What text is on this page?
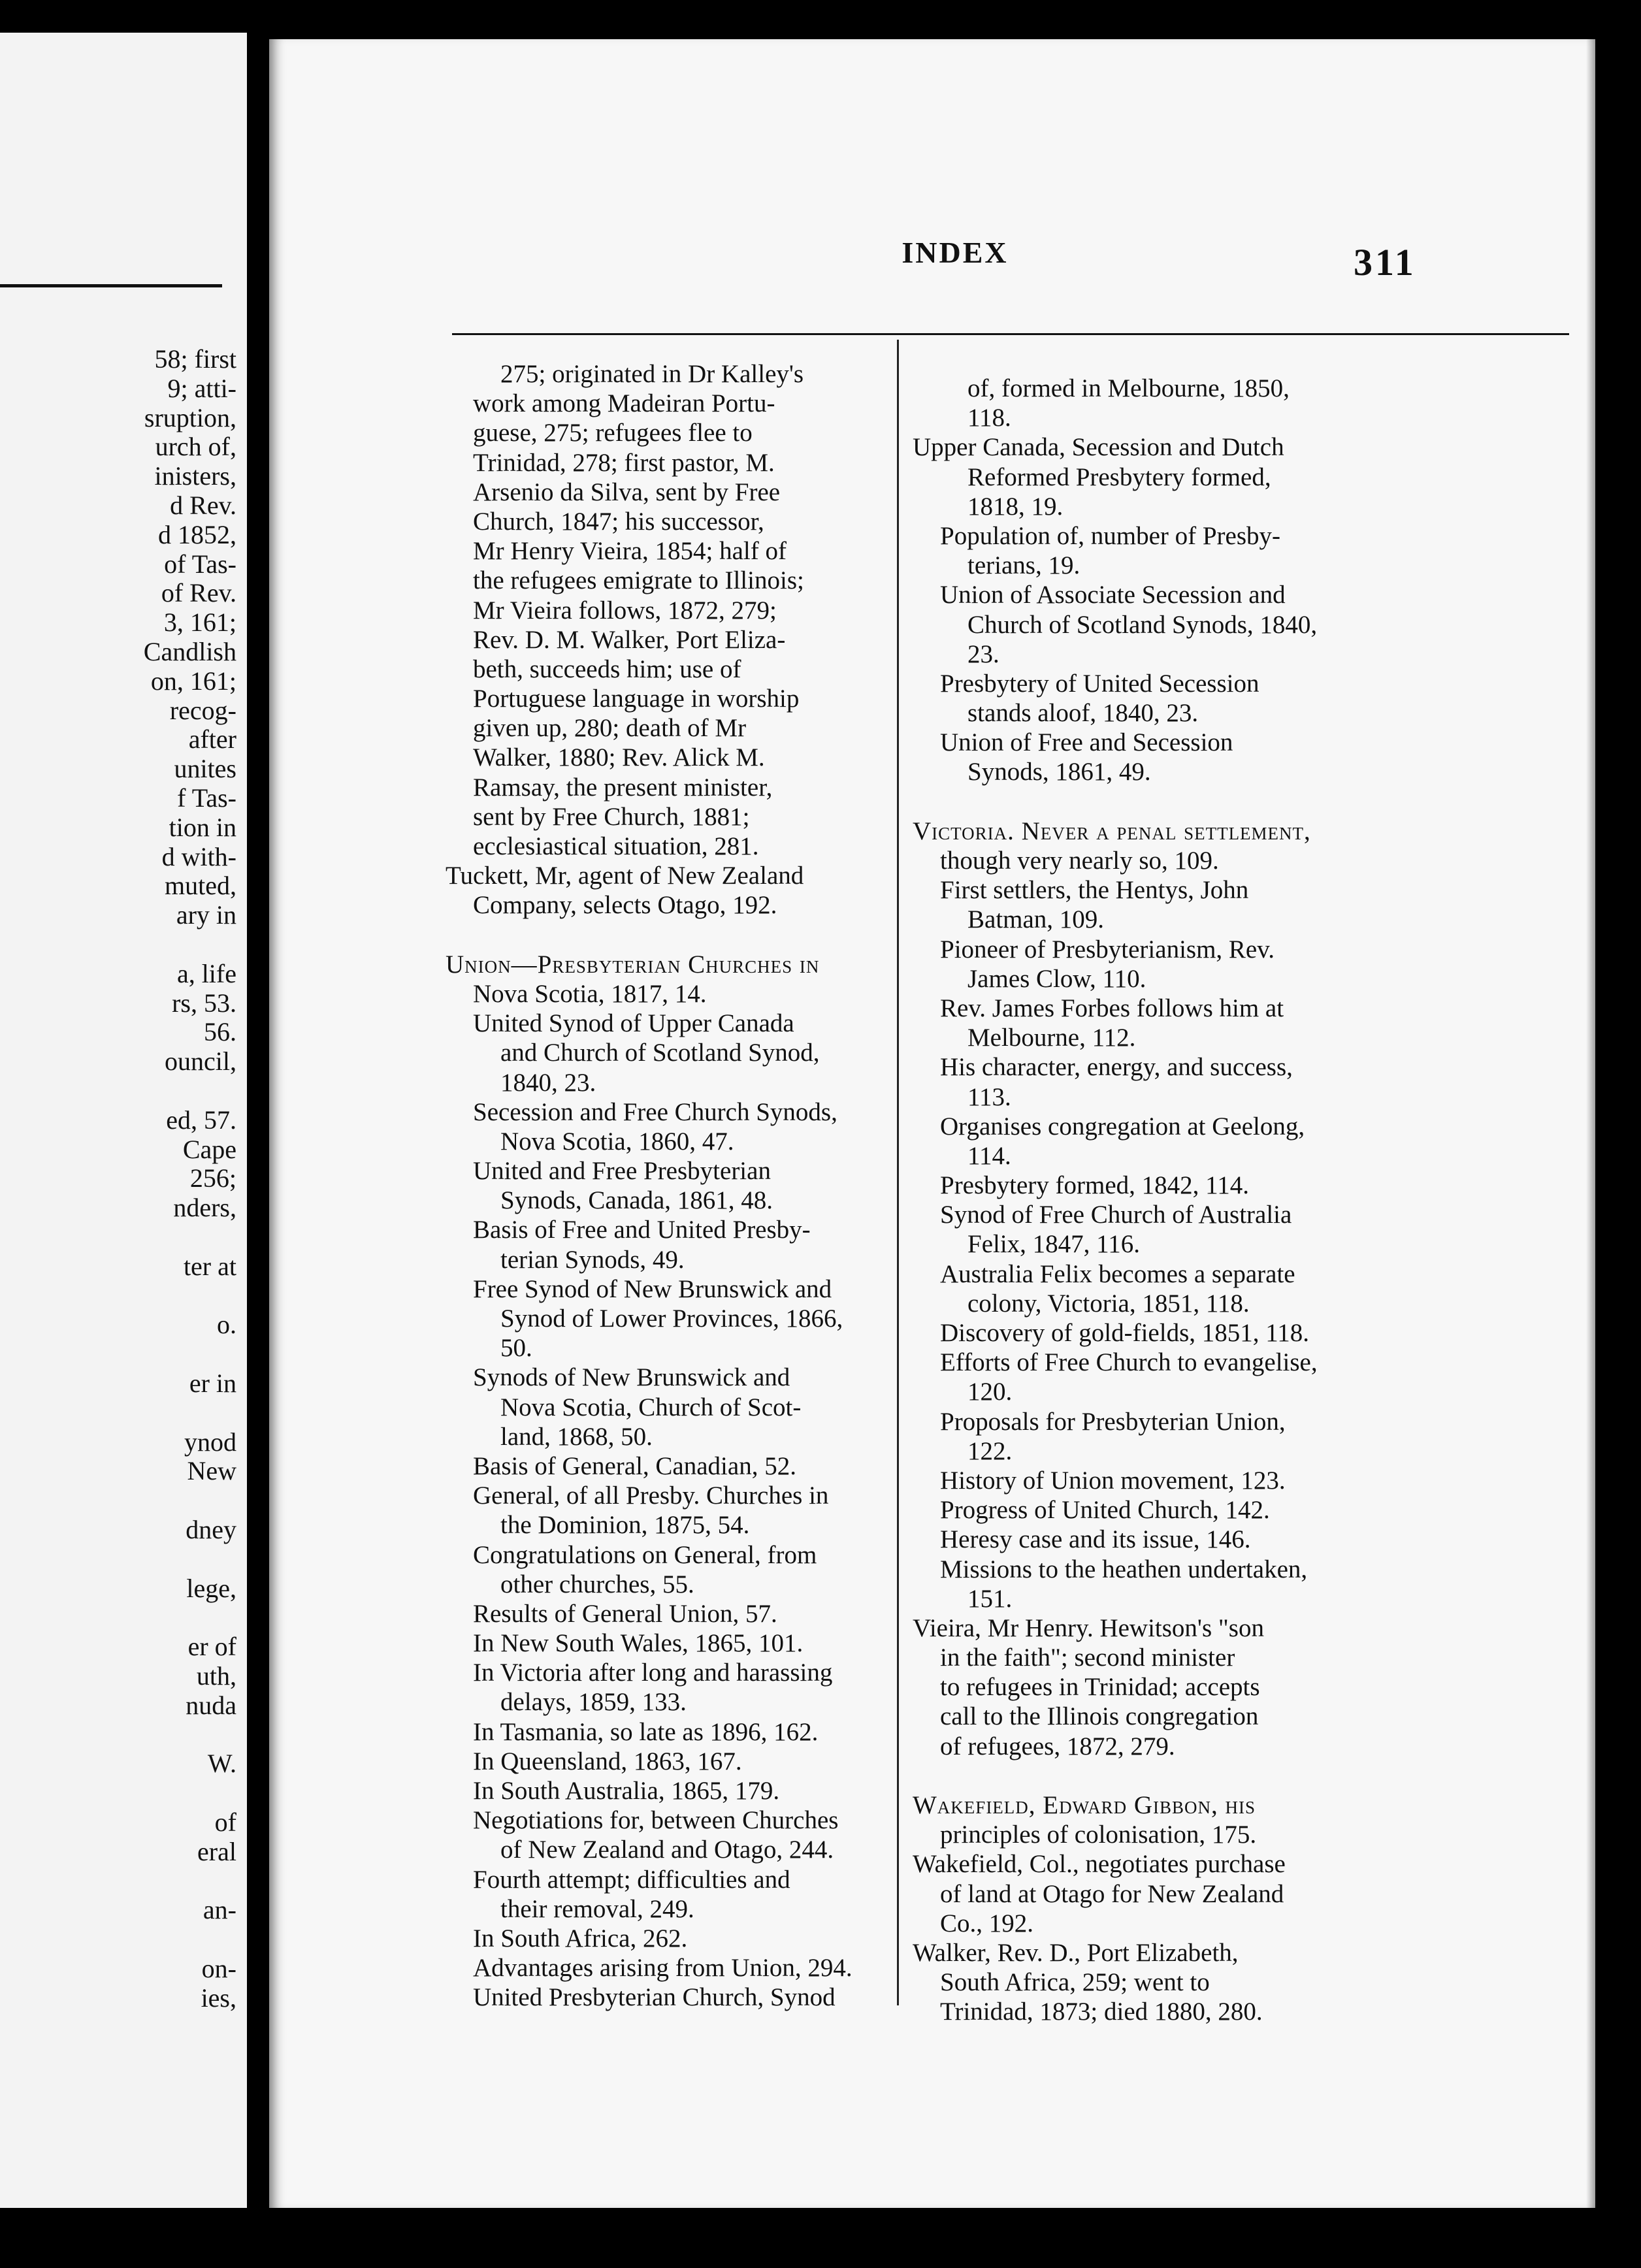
58; first
9; atti-
sruption,
urch of,
inisters,
d Rev.
d 1852,
of Tas-
of Rev.
3, 161;
Candlish
on, 161;
recog-
after
unites
f Tas-
tion in
d with-
muted,
ary in
a, life
rs, 53.
56.
ouncil,
ed, 57.
Cape
256;
nders,
ter at
o.
er in
ynod
New
dney
lege,
er of
uth,
nuda
W.
of
eral
an-
on-
ies,
INDEX	311
275; originated in Dr Kalley's
work among Madeiran Portu-
guese, 275; refugees flee to
Trinidad, 278; first pastor, M.
Arsenio da Silva, sent by Free
Church, 1847; his successor,
Mr Henry Vieira, 1854; half of
the refugees emigrate to Illinois;
Mr Vieira follows, 1872, 279;
Rev. D. M. Walker, Port Eliza-
beth, succeeds him; use of
Portuguese language in worship
given up, 280; death of Mr
Walker, 1880; Rev. Alick M.
Ramsay, the present minister,
sent by Free Church, 1881;
ecclesiastical situation, 281.
Tuckett, Mr, agent of New Zealand
Company, selects Otago, 192.
Union—Presbyterian Churches in
Nova Scotia, 1817, 14.
United Synod of Upper Canada
and Church of Scotland Synod,
1840, 23.
Secession and Free Church Synods,
Nova Scotia, 1860, 47.
United and Free Presbyterian
Synods, Canada, 1861, 48.
Basis of Free and United Presby-
terian Synods, 49.
Free Synod of New Brunswick and
Synod of Lower Provinces, 1866,
50.
Synods of New Brunswick and
Nova Scotia, Church of Scot-
land, 1868, 50.
Basis of General, Canadian, 52.
General, of all Presby. Churches in
the Dominion, 1875, 54.
Congratulations on General, from
other churches, 55.
Results of General Union, 57.
In New South Wales, 1865, 101.
In Victoria after long and harassing
delays, 1859, 133.
In Tasmania, so late as 1896, 162.
In Queensland, 1863, 167.
In South Australia, 1865, 179.
Negotiations for, between Churches
of New Zealand and Otago, 244.
Fourth attempt; difficulties and
their removal, 249.
In South Africa, 262.
Advantages arising from Union, 294.
United Presbyterian Church, Synod
of, formed in Melbourne, 1850,
118.
Upper Canada, Secession and Dutch
Reformed Presbytery formed,
1818, 19.
Population of, number of Presby-
terians, 19.
Union of Associate Secession and
Church of Scotland Synods, 1840,
23.
Presbytery of United Secession
stands aloof, 1840, 23.
Union of Free and Secession
Synods, 1861, 49.
Victoria. Never a penal settlement,
though very nearly so, 109.
First settlers, the Hentys, John
Batman, 109.
Pioneer of Presbyterianism, Rev.
James Clow, 110.
Rev. James Forbes follows him at
Melbourne, 112.
His character, energy, and success,
113.
Organises congregation at Geelong,
114.
Presbytery formed, 1842, 114.
Synod of Free Church of Australia
Felix, 1847, 116.
Australia Felix becomes a separate
colony, Victoria, 1851, 118.
Discovery of gold-fields, 1851, 118.
Efforts of Free Church to evangelise,
120.
Proposals for Presbyterian Union,
122.
History of Union movement, 123.
Progress of United Church, 142.
Heresy case and its issue, 146.
Missions to the heathen undertaken,
151.
Vieira, Mr Henry. Hewitson's "son
in the faith"; second minister
to refugees in Trinidad; accepts
call to the Illinois congregation
of refugees, 1872, 279.
Wakefield, Edward Gibbon, his
principles of colonisation, 175.
Wakefield, Col., negotiates purchase
of land at Otago for New Zealand
Co., 192.
Walker, Rev. D., Port Elizabeth,
South Africa, 259; went to
Trinidad, 1873; died 1880, 280.
